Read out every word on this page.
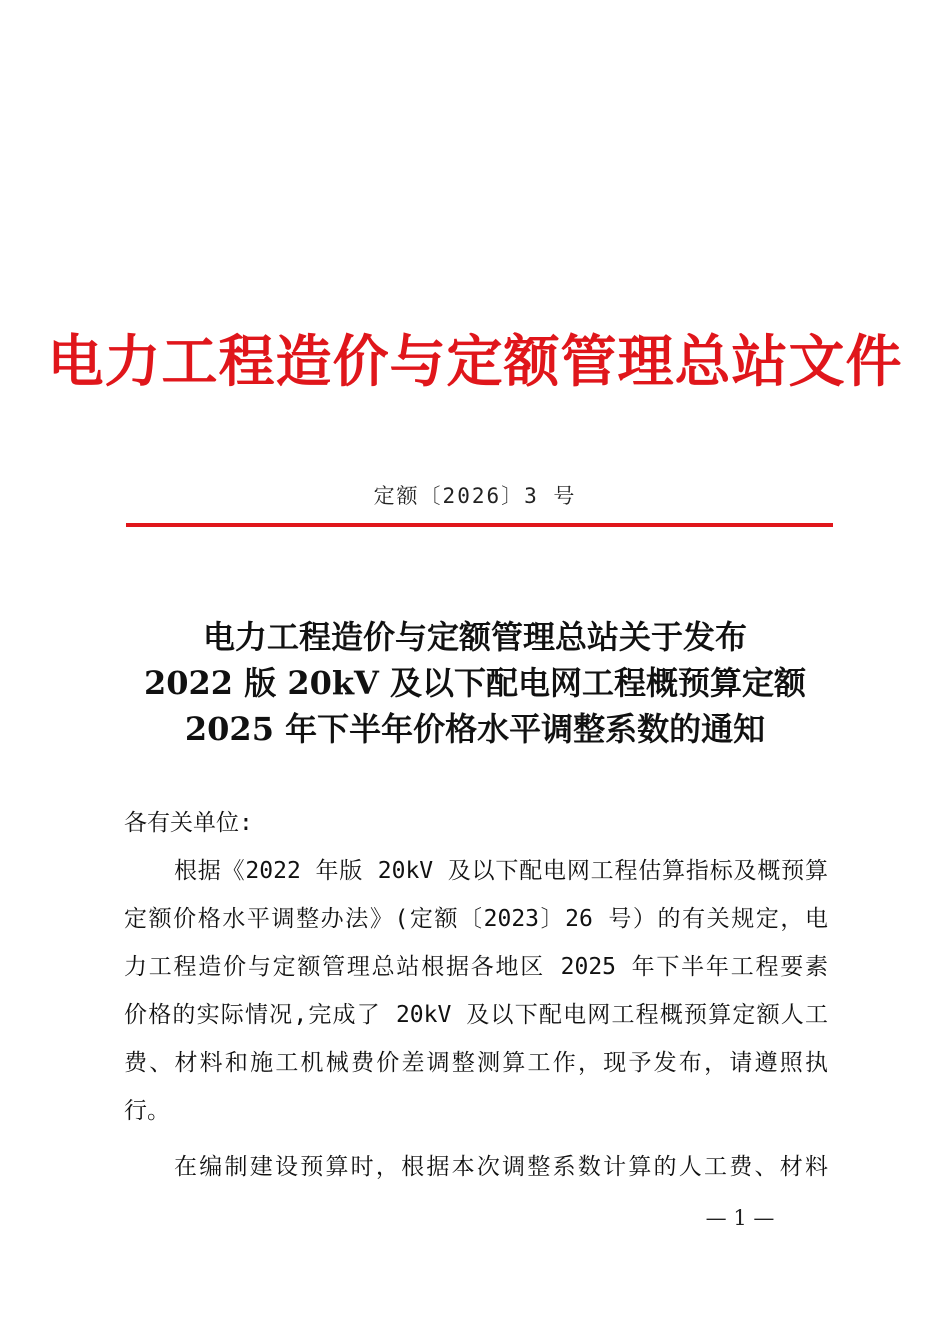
电力工程造价与定额管理总站文件
定额〔2026〕3 号
电力工程造价与定额管理总站关于发布
2022 版 20kV 及以下配电网工程概预算定额
2025 年下半年价格水平调整系数的通知
各有关单位:
根据《2022 年版 20kV 及以下配电网工程估算指标及概预算
定额价格水平调整办法》(定额〔2023〕26 号）的有关规定，电
力工程造价与定额管理总站根据各地区 2025 年下半年工程要素
价格的实际情况,完成了 20kV 及以下配电网工程概预算定额人工
费、材料和施工机械费价差调整测算工作，现予发布，请遵照执
行。
在编制建设预算时，根据本次调整系数计算的人工费、材料
— 1 —
